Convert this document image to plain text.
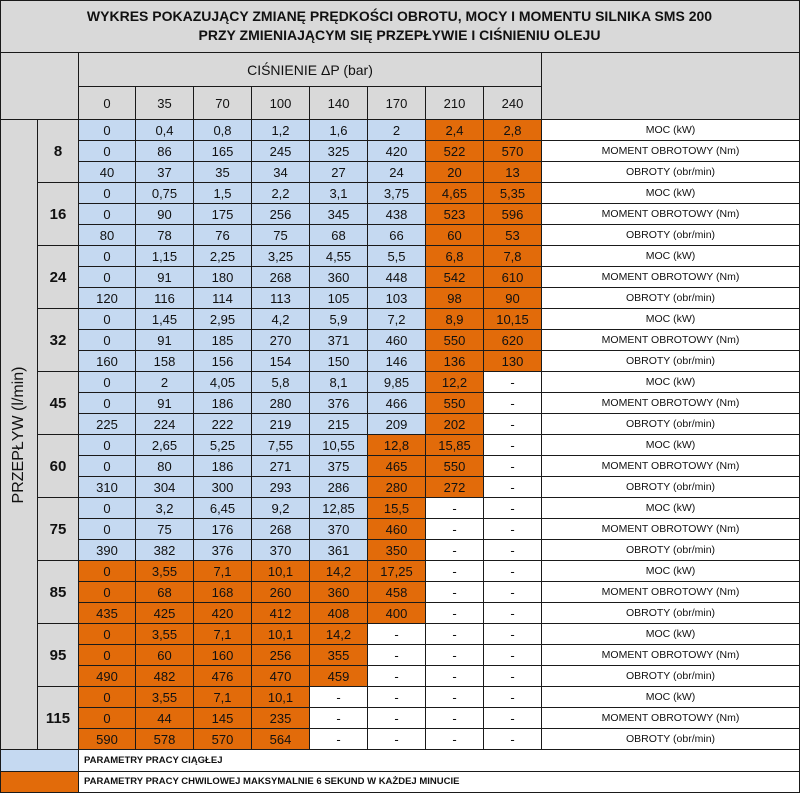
WYKRES POKAZUJĄCY ZMIANĘ PRĘDKOŚCI OBROTU, MOCY I MOMENTU SILNIKA SMS 200
PRZY ZMIENIAJĄCYM SIĘ PRZEPŁYWIE I CIŚNIENIU OLEJU
CIŚNIENIE ΔP (bar)
PRZEPŁYW (l/min)
0	35	70	100	140	170	210	240
8
0	0,4	0,8	1,2	1,6	2	2,4	2,8	MOC (kW)
0	86	165	245	325	420	522	570	MOMENT OBROTOWY (Nm)
40	37	35	34	27	24	20	13	OBROTY (obr/min)
16
0	0,75	1,5	2,2	3,1	3,75	4,65	5,35	MOC (kW)
0	90	175	256	345	438	523	596	MOMENT OBROTOWY (Nm)
80	78	76	75	68	66	60	53	OBROTY (obr/min)
24
0	1,15	2,25	3,25	4,55	5,5	6,8	7,8	MOC (kW)
0	91	180	268	360	448	542	610	MOMENT OBROTOWY (Nm)
120	116	114	113	105	103	98	90	OBROTY (obr/min)
32
0	1,45	2,95	4,2	5,9	7,2	8,9	10,15	MOC (kW)
0	91	185	270	371	460	550	620	MOMENT OBROTOWY (Nm)
160	158	156	154	150	146	136	130	OBROTY (obr/min)
45
0	2	4,05	5,8	8,1	9,85	12,2	-	MOC (kW)
0	91	186	280	376	466	550	-	MOMENT OBROTOWY (Nm)
225	224	222	219	215	209	202	-	OBROTY (obr/min)
60
0	2,65	5,25	7,55	10,55	12,8	15,85	-	MOC (kW)
0	80	186	271	375	465	550	-	MOMENT OBROTOWY (Nm)
310	304	300	293	286	280	272	-	OBROTY (obr/min)
75
0	3,2	6,45	9,2	12,85	15,5	-	-	MOC (kW)
0	75	176	268	370	460	-	-	MOMENT OBROTOWY (Nm)
390	382	376	370	361	350	-	-	OBROTY (obr/min)
85
0	3,55	7,1	10,1	14,2	17,25	-	-	MOC (kW)
0	68	168	260	360	458	-	-	MOMENT OBROTOWY (Nm)
435	425	420	412	408	400	-	-	OBROTY (obr/min)
95
0	3,55	7,1	10,1	14,2	-	-	-	MOC (kW)
0	60	160	256	355	-	-	-	MOMENT OBROTOWY (Nm)
490	482	476	470	459	-	-	-	OBROTY (obr/min)
115
0	3,55	7,1	10,1	-	-	-	-	MOC (kW)
0	44	145	235	-	-	-	-	MOMENT OBROTOWY (Nm)
590	578	570	564	-	-	-	-	OBROTY (obr/min)
PARAMETRY PRACY CIĄGŁEJ
PARAMETRY PRACY CHWILOWEJ MAKSYMALNIE 6 SEKUND W KAŻDEJ MINUCIE
